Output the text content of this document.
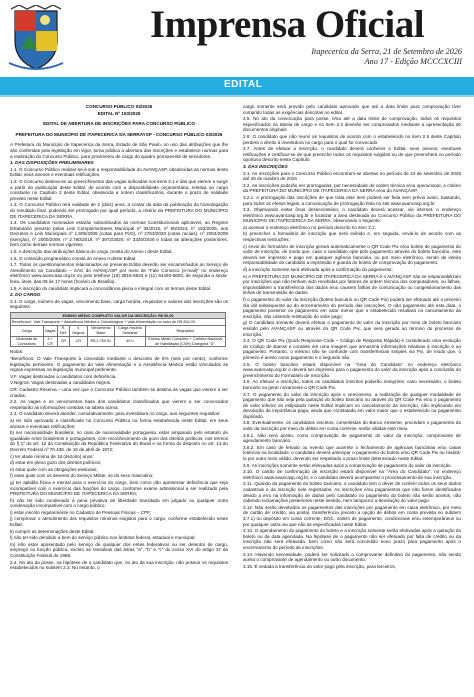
Imprensa Oficial
Itapecerica da Serra, 21 de Setembro de 2026
Ano 17 - Edição MCCCXCIII
EDITAL

CONCURSO PÚBLICO 03/2026

EDITAL Nº 153/2026

EDITAL DE ABERTURA DE INSCRIÇÕES PARA CONCURSO PÚBLICO

PREFEITURA DO MUNICÍPIO DE ITAPECERICA DA SERRAYSP - CONCURSO PÚBLICO 03/2026

A Prefeitura do Município de Itapecerica da Serra, Estado de São Paulo, no uso das atribuições que lhe são conferidas pela legislação em vigor, torna pública a abertura das inscrições e estabelece normas para a realização do Concurso Público, para provimento de cargo do quadro permanente de servidores.

1. DAS DISPOSIÇÕES PRELIMINARES

1.1. O Concurso Público realizar-se-á sob a responsabilidade do AVANÇASP, obedecidas as normas deste Edital, seus anexos e eventuais retificações.

1.2. O Concurso destina-se ao preenchimento das vagas indicadas nos itens 2.1 e das que vierem a surgir a partir da publicação deste Edital, de acordo com a disponibilidade orçamentária, relativa ao cargo constante no Capítulo 2 deste Edital, obedecida a ordem classificatória, durante o prazo de validade previsto neste Edital.

1.3. O Concurso Público terá validade de 2 (dois) anos, a contar da data da publicação da homologação do resultado final, podendo ser prorrogado por igual período, a critério da PREFEITURA DO MUNICÍPIO DE ITAPECERICA DA SERRA.

1.4. Os candidatos nomeados estarão subordinados às normas Constitucionais aplicáveis, ao Regime Estatutário previsto pelas Leis Complementares Municipal nº 36/2015, nº 60/2024, nº 153/2025, aos Decretos e Leis Municipais nº 1.905/2006 (cotas para PcD), nº 2763/2020 (cotas raciais), nº 2004/2009 (isenção), nº 2000/2009, nº 2.760/2019, nº 3972/2025, nº 3320/2026 e todas as alterações posteriores, bem como demais normas vigentes.

1.5. A descrição das atribuições básica do cargo consta do Anexo I deste Edital.

1.6. O conteúdo programático consta do Anexo II deste Edital.

1.7. Todos os questionamentos relacionados ao presente Edital deverão ser encaminhados ao Serviço de Atendimento ao Candidato – SAC do AVANÇASP por meio de "Fale Conosco (e-mail)" no endereço eletrônico www.avancasp.org.br ou pelo telefone (19) 3816-6834 e (11) 94493-6803, de segunda a sexta-feira, úteis, das 09 às 17 horas (horário de Brasília).

1.8. A inscrição do candidato implicará a concordância plena e integral com os termos deste Edital.

2. DO CARGO

2.1. O cargo, número de vagas, vencimento base, carga horária, requisitos e valores das inscrições são os seguintes:

ENSINO MÉDIO COMPLETO VALOR DA INSCRIÇÃO: R$ 50,00						
Benefícios*: Vale Transporte + Assistência Médica e Odontológica + Vale Alimentação no valor de R$ 264,00.						
Cargo	Vagas	R. Def.	V. Negros	Vencimento Base	Carga Horária Semanal	Requisitos
Motorista de Condutório	4 + CR	CR	CR	R$ 2.759,51	40 h	Ensino Médio Completo + Carteira Nacional de Habilitação (CNH) Categoria "D".

Notas:

*Benefícios: O Vale Transporte à concedido mediante o desconto de 6% (seis por cento), conforme legislação pertinente. O pagamento do Vale Alimentação e a Assistência Médica estão vinculados às regras expressas na legislação municipal pertinente.

V.F. Vagas destinadas a candidatos com deficiência.

V.Negros: Vagas destinadas a candidatos negros.

CR: Cadastro Reserva – uma vez que o Concurso Público também se destina às vagas que vierem a ser criadas.

2.2. As vagas e os vencimentos base dos candidatos classificados que vierem a ser convocados respeitarão as informações contidas na tabela acima.

2.3. O candidato deverá atender, cumulativamente, para investidura no cargo, aos seguintes requisitos:

a) ter sido aprovado e classificado no Concurso Público na forma estabelecida neste Edital, em seus anexos e eventuais retificações;

b) ser nacionalidade brasileira; no caso de nacionalidade portuguesa, estar amparado pelo estatuto de igualdade entre brasileiros e portugueses, com reconhecimento do gozo dos direitos políticos, nos termos do § 1º do art. 12 da Constituição da República Federativa do Brasil e na forma do disposto no art. 13 do Decreto Federal nº 70.436, de 18 de abril de 1972;

c) ter idade mínima de 18 (dezoito) anos;

d) estar em pleno gozo dos direitos políticos;

e) estar quite com as obrigações eleitorais;

f) estar quite com os deveres do Serviço Militar, se do sexo masculino;

g) ter aptidão física e mental para o exercício do cargo, bem como não apresentar deficiência que seja incompatível com o exercício das funções do cargo, conforme exame admissional a ser realizado pela PREFEITURA DO MUNICÍPIO DE ITAPECERICA DA SERRA;

h) não ter sido condenado à pena privativa de liberdade transitada em julgado ou qualquer outra condenação incompatível com o cargo público;

i) estar inscrito regularmente no Cadastro de Pessoas Físicas – CPF;

j) comprovar o atendimento dos requisitos mínimos exigidos para o cargo, conforme estabelecido neste Edital;

k) cumprir as determinações deste Edital;

l) não ter sido demitido a bem do serviço público nos âmbitos federal, estadual e municipal;

m) não estar aposentado pelo serviço de qualquer dos entes federativos ou ser detentor de cargo, emprego ou função pública, exceto as ressalvas das letras "a", "b" e "c" do inciso XVI do artigo 37 da Constituição Federal de 1988.

2.4. No ato da posse, na hipótese de o candidato que, no ato da sua inscrição, não possuir os requisitos estabelecidos no subitem 2.3. No entanto, o

cargo somente será provido pelo candidato aprovado que até a data limite para comprovação tiver cumprido todas as exigências descritas no edital.

2.5. No ato da convocação para posse, e/ou até a data limite de comprovação, todos os requisitos especificados na tabela de cargo e no item 2.3 deverão ser comprovados mediante a apresentação de documentos originais.

2.6. O candidato que não reunir os requisitos de acordo com o estabelecido no item 2.5 deste Capítulo perderá o direito à investidura no cargo para o qual for convocado.

2.7. Antes de efetuar a inscrição, o candidato deverá conhecer o Edital, seus anexos, eventuais retificações e certificar-se de que preenche todos os requisitos exigidos ou de que preencherá no período oportuno descrito neste Capítulo.

3. DAS INSCRIÇÕES

3.1. As inscrições para o Concurso Público encontram-se abertas no período de 24 de setembro de 2026 até 26 de outubro de 2026

3.2. As inscrições poderão ser prorrogadas, por necessidade de ordem técnica e/ou operacional, a critério da PREFEITURA DO MUNICÍPIO DE ITAPECERICA DA SERRA e/ou do AVANÇASP.

3.2.1. A prorrogação das inscrições de que trata este item poderá ser feita sem prévio aviso, bastando, para todos os efeitos legais, a comunicação de prorrogação feita no site www.avancasp.org.br.

3.3. Objetivando evitar ônus desnecessário, o candidato deverá acessar, via internet, o endereço eletrônico www.avancasp.org.br e localizar a área destinada ao Concurso Público da PREFEITURA DO MUNICÍPIO DE ITAPECERICA DA SERRA, observando o seguinte:

a) acessar o endereço eletrônico no período descrito no item 3.1;

b) preencher o formulário de inscrição que será exibido e, em seguida, enviá-lo de acordo com as respectivas instruções;

c) envio do formulário de inscrição gerará automaticamente o QR Code Pix e/ou boleto de pagamento do valor de inscrição, de modo que, caso o candidato opte pelo pagamento através do boleto bancário, este deverá ser impresso e pago em qualquer agência bancária, ou por meio eletrônico, sendo de inteira responsabilidade do candidato a impressão e guarda do boleto de comprovação do pagamento;

d) a inscrição somente será efetivada após a confirmação do pagamento;

e) A PREFEITURA DO MUNICÍPIO DE ITAPECERICA DA SERRA e o AVANÇASP não se responsabilizam por inscrições que não tenham sido recebidas por fatores de ordem técnica dos computadores, ou falhas, impossibilitem a transferência dos dados e/ou causem falhas de comunicação ou congestionamento das linhas de transmissão de dados.

f) o pagamento do valor da inscrição (boleto bancário ou QR Code Pix) poderá ser efetuado até o primeiro dia útil subsequente ao do encerramento do período das inscrições. O não pagamento até esta data, o pagamento posterior ou pagamento em valor menor que o estabelecido resultará no cancelamento da inscrição, não cabendo restituição do valor pago;

g) O candidato somente deverá efetuar o pagamento do valor da inscrição por meio de boleto bancário emitido pelo AVANÇASP ou através do QR Code Pix, que será gerado ao término do processo de inscrição.

3.4. O QR Code Pix (Quick Response Code – Código de Resposta Rápida) é considerado uma evolução do Código de Barras e consiste em uma imagem que armazena informações relativas à inscrição e ao pagamento. Portanto, o mesmo não se confunde com transferências simples via Pix, de modo que, o primeiro é aceito como pagamento e o segundo não.

3.5. O boleto bancário estará disponível na "Área do Candidato" no endereço eletrônico www.avancasp.org.br e deverá ser impresso para o pagamento do valor da inscrição após a conclusão do preenchimento do Formulário de Inscrição.

3.6. Ao efetuar a inscrição, todos os candidatos inscritos poderão reimprimir, caso necessário, o boleto bancário ou gerar novamente o QR Code Pix.

3.7. O pagamento do valor da inscrição após o vencimento, a realização de qualquer modalidade de pagamento que não seja pela quitação do boleto bancário ou através do QR Code Pix e/ou o pagamento de valor inferior do estipulado neste Edital implicam no cancelamento da inscrição, não implicando em devolução da importância paga, ainda que constatada em valor maior que o estabelecido ou pagamento duplicado.

3.8. Eventualmente, os candidatos inscritos, comentistas do Banco emitente, procedam o pagamento do valor da inscrição por meio do débito em conta corrente, serão válidas este meio.

3.8.1. Não será aceito, como comprovação de pagamento do valor da inscrição, comprovante de agendamento bancário.

3.8.2. Em caso de feriado ou evento que acarrete o fechamento de agências bancárias e/ou casas lotéricas na localidade, o candidato deverá antecipar o pagamento do boleto e/ou QR Code Pix ou realizá-lo por outro meio válido, devendo ser respeitado o prazo limite determinado neste Edital.

3.9. As inscrições somente serão efetivadas após a comprovação de pagamento do valor da inscrição.

3.10. O cartão de confirmação de inscrição estará disponível na "Área do Candidato", no endereço eletrônico www.avancasp.org.br, e o candidato deverá acompanhar o processamento de sua inscrição.

3.11. Quando do pagamento do boleto bancário, o candidato tem o dever de conferir todos os seus dados cadastrais e da inscrição nele registrados. As inscrições e/ou pagamentos que não forem identificados devido a erro na informação de dados pelo candidato no pagamento do boleto não serão aceitos, não cabendo reclamações posteriores neste sentido, nem tampouco a devolução do valor pago.

3.12. Não serão devolvidos os pagamentos das inscrições por pagamento em caixa eletrônico, por meio de cartão de crédito, via postal, transferência (exceto a opção de débito em conta prevista no subitem 3.7.1) ou depósito em conta corrente, DOC, ordem de pagamento, condicionais e/ou extemporâneos ou por qualquer outra via que não as especificadas neste Edital.

3.13. O agendamento do pagamento do boleto e a inscrição somente serão efetivadas após a quitação do boleto ou da data agendada. Na hipótese de o pagamento não ser efetuado por falta de crédito ou da inscrição não será efetivada, bem como não será concedido novo prazo para pagamento após o encerramento do período de inscrições.

3.14. Havendo necessidade, poderá ser solicitado o comprovante definitivo do pagamento, não sendo aceito o comprovante de agendamento ou outro documento.

3.15. É vedada a transferência do valor pago pela inscrição, para terceiros,
